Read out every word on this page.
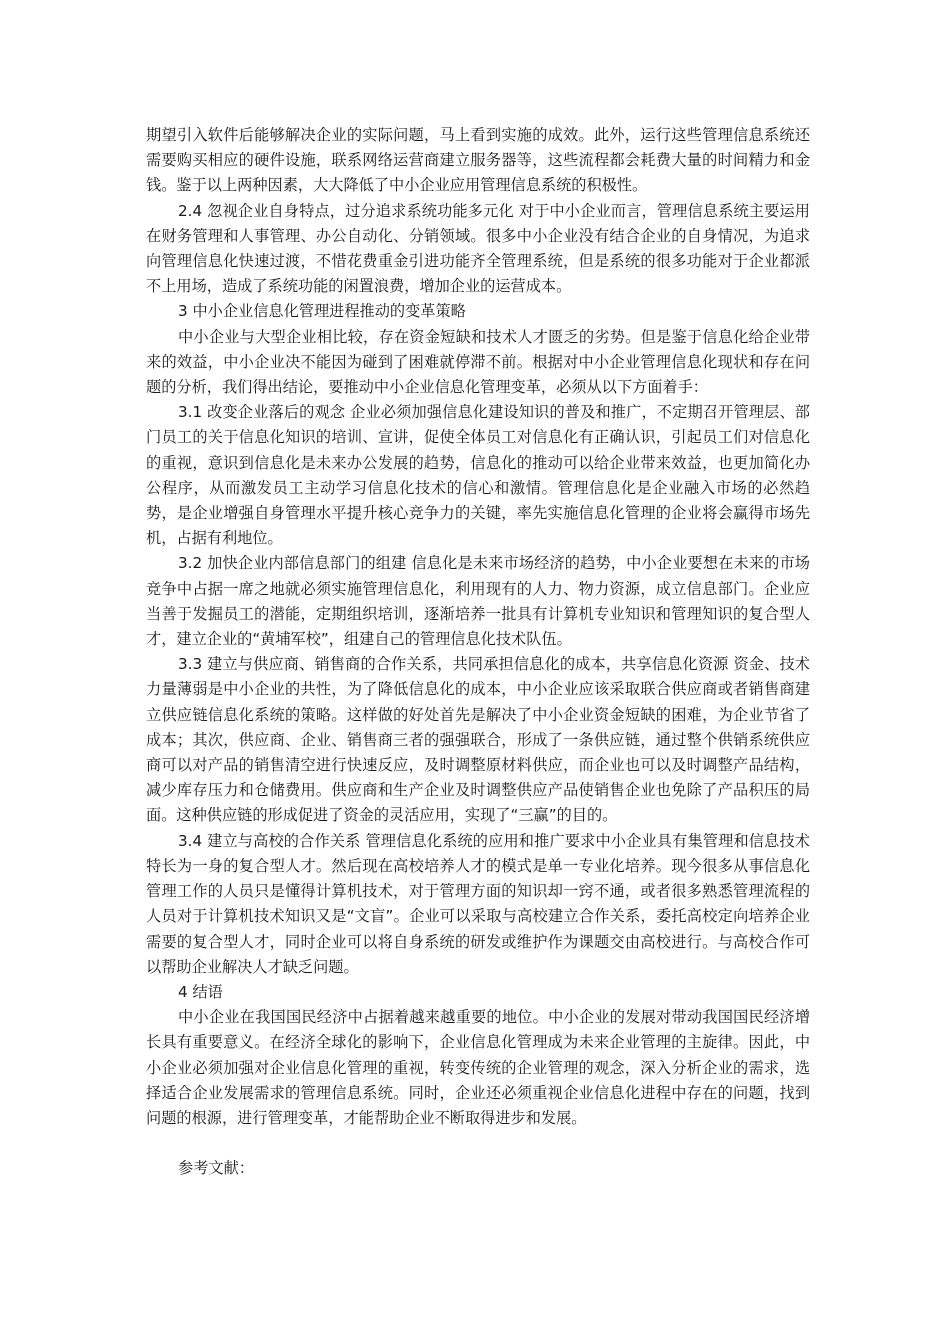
期望引入软件后能够解决企业的实际问题，马上看到实施的成效。此外，运行这些管理信息系统还需要购买相应的硬件设施，联系网络运营商建立服务器等，这些流程都会耗费大量的时间精力和金钱。鉴于以上两种因素，大大降低了中小企业应用管理信息系统的积极性。

2.4 忽视企业自身特点，过分追求系统功能多元化 对于中小企业而言，管理信息系统主要运用在财务管理和人事管理、办公自动化、分销领域。很多中小企业没有结合企业的自身情况，为追求向管理信息化快速过渡，不惜花费重金引进功能齐全管理系统，但是系统的很多功能对于企业都派不上用场，造成了系统功能的闲置浪费，增加企业的运营成本。

3 中小企业信息化管理进程推动的变革策略

中小企业与大型企业相比较，存在资金短缺和技术人才匮乏的劣势。但是鉴于信息化给企业带来的效益，中小企业决不能因为碰到了困难就停滞不前。根据对中小企业管理信息化现状和存在问题的分析，我们得出结论，要推动中小企业信息化管理变革，必须从以下方面着手：

3.1 改变企业落后的观念 企业必须加强信息化建设知识的普及和推广，不定期召开管理层、部门员工的关于信息化知识的培训、宣讲，促使全体员工对信息化有正确认识，引起员工们对信息化的重视，意识到信息化是未来办公发展的趋势，信息化的推动可以给企业带来效益，也更加简化办公程序，从而激发员工主动学习信息化技术的信心和激情。管理信息化是企业融入市场的必然趋势，是企业增强自身管理水平提升核心竞争力的关键，率先实施信息化管理的企业将会赢得市场先机，占据有利地位。

3.2 加快企业内部信息部门的组建 信息化是未来市场经济的趋势，中小企业要想在未来的市场竞争中占据一席之地就必须实施管理信息化，利用现有的人力、物力资源，成立信息部门。企业应当善于发掘员工的潜能，定期组织培训，逐渐培养一批具有计算机专业知识和管理知识的复合型人才，建立企业的“黄埔军校”，组建自己的管理信息化技术队伍。

3.3 建立与供应商、销售商的合作关系，共同承担信息化的成本，共享信息化资源 资金、技术力量薄弱是中小企业的共性，为了降低信息化的成本，中小企业应该采取联合供应商或者销售商建立供应链信息化系统的策略。这样做的好处首先是解决了中小企业资金短缺的困难，为企业节省了成本；其次，供应商、企业、销售商三者的强强联合，形成了一条供应链，通过整个供销系统供应商可以对产品的销售清空进行快速反应，及时调整原材料供应，而企业也可以及时调整产品结构，减少库存压力和仓储费用。供应商和生产企业及时调整供应产品使销售企业也免除了产品积压的局面。这种供应链的形成促进了资金的灵活应用，实现了“三赢”的目的。

3.4 建立与高校的合作关系 管理信息化系统的应用和推广要求中小企业具有集管理和信息技术特长为一身的复合型人才。然后现在高校培养人才的模式是单一专业化培养。现今很多从事信息化管理工作的人员只是懂得计算机技术，对于管理方面的知识却一窍不通，或者很多熟悉管理流程的人员对于计算机技术知识又是“文盲”。企业可以采取与高校建立合作关系，委托高校定向培养企业需要的复合型人才，同时企业可以将自身系统的研发或维护作为课题交由高校进行。与高校合作可以帮助企业解决人才缺乏问题。

4 结语

中小企业在我国国民经济中占据着越来越重要的地位。中小企业的发展对带动我国国民经济增长具有重要意义。在经济全球化的影响下，企业信息化管理成为未来企业管理的主旋律。因此，中小企业必须加强对企业信息化管理的重视，转变传统的企业管理的观念，深入分析企业的需求，选择适合企业发展需求的管理信息系统。同时，企业还必须重视企业信息化进程中存在的问题，找到问题的根源，进行管理变革，才能帮助企业不断取得进步和发展。

参考文献：
